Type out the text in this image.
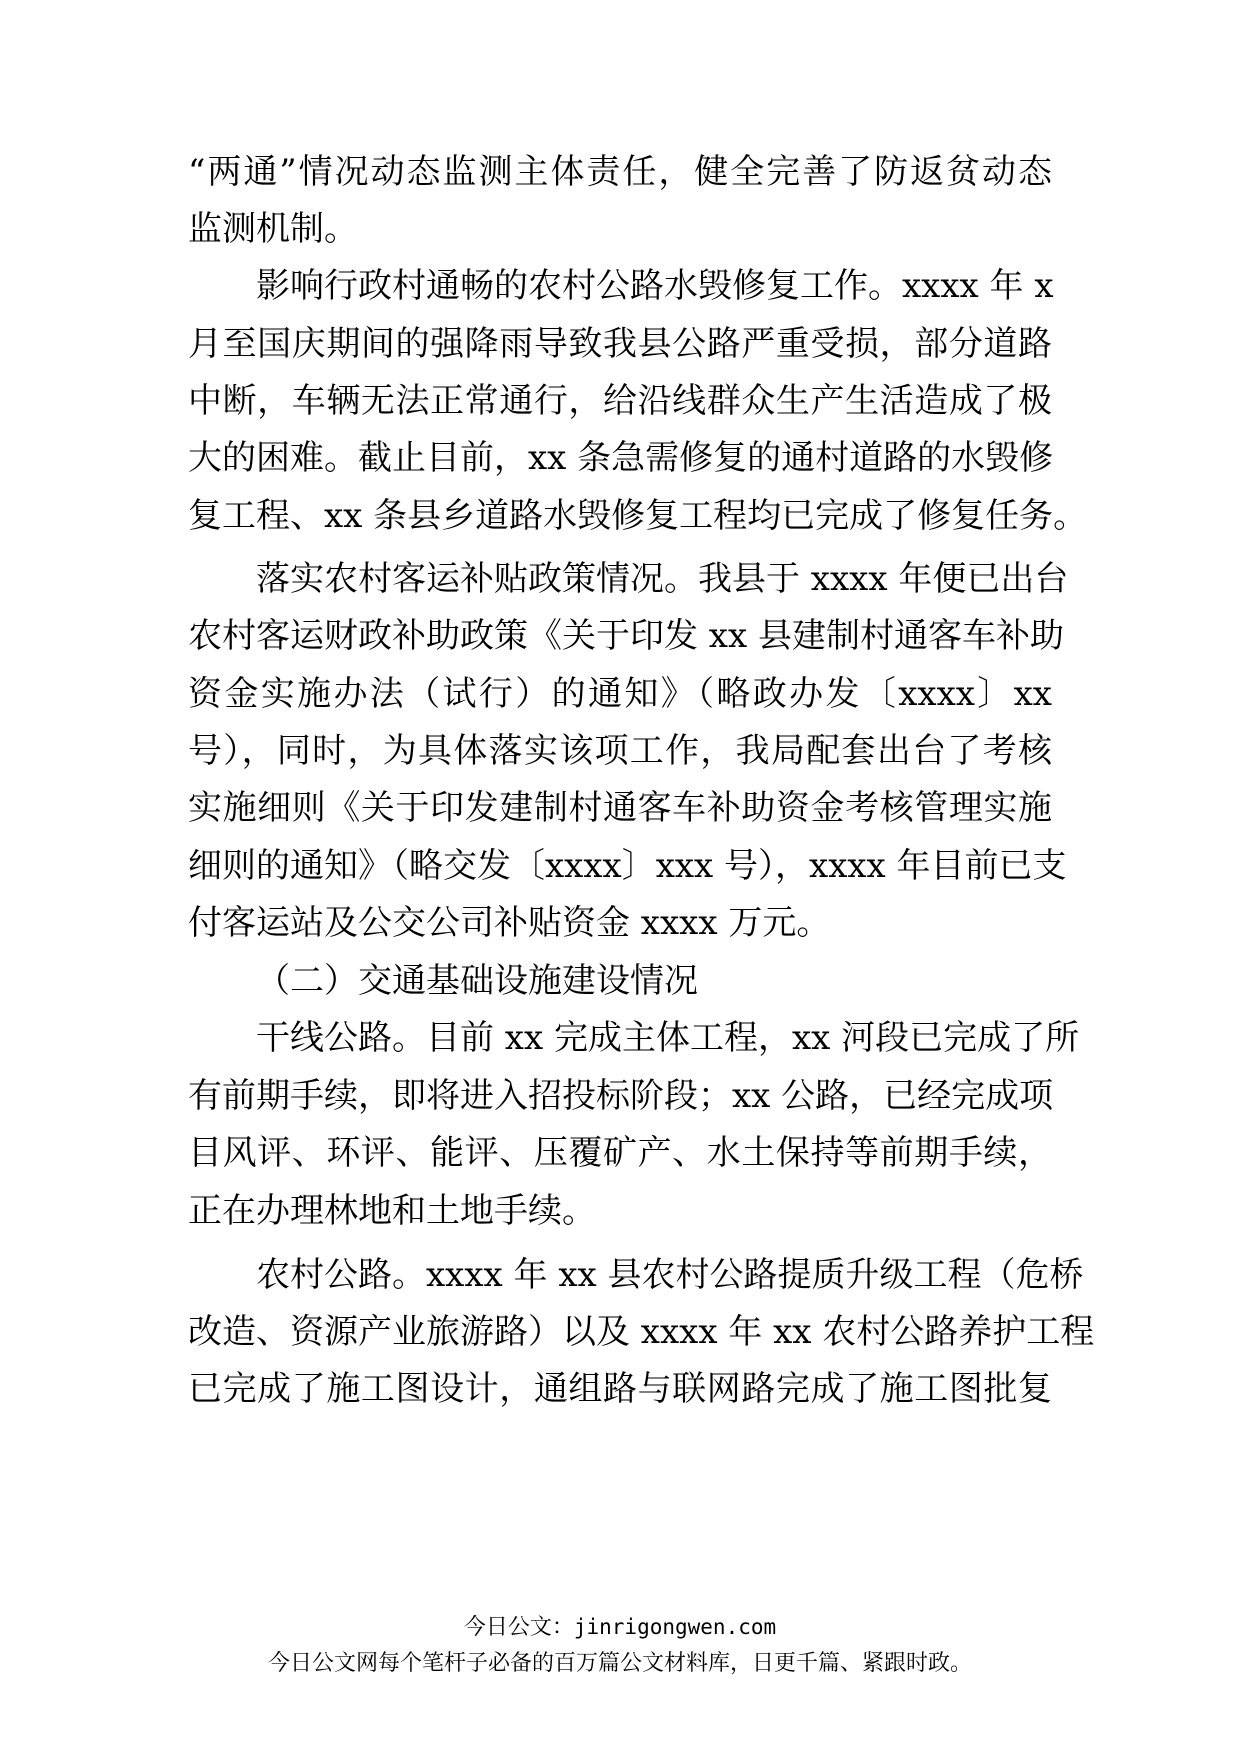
“两通”情况动态监测主体责任，健全完善了防返贫动态
监测机制。
影响行政村通畅的农村公路水毁修复工作。xxxx 年 x
月至国庆期间的强降雨导致我县公路严重受损，部分道路
中断，车辆无法正常通行，给沿线群众生产生活造成了极
大的困难。截止目前，xx 条急需修复的通村道路的水毁修
复工程、xx 条县乡道路水毁修复工程均已完成了修复任务。
落实农村客运补贴政策情况。我县于 xxxx 年便已出台
农村客运财政补助政策《关于印发 xx 县建制村通客车补助
资金实施办法（试行）的通知》（略政办发〔xxxx〕xx
号），同时，为具体落实该项工作，我局配套出台了考核
实施细则《关于印发建制村通客车补助资金考核管理实施
细则的通知》（略交发〔xxxx〕xxx 号），xxxx 年目前已支
付客运站及公交公司补贴资金 xxxx 万元。
（二）交通基础设施建设情况
干线公路。目前 xx 完成主体工程，xx 河段已完成了所
有前期手续，即将进入招投标阶段；xx 公路，已经完成项
目风评、环评、能评、压覆矿产、水土保持等前期手续，
正在办理林地和土地手续。
农村公路。xxxx 年 xx 县农村公路提质升级工程（危桥
改造、资源产业旅游路）以及 xxxx 年 xx 农村公路养护工程
已完成了施工图设计，通组路与联网路完成了施工图批复
今日公文：jinrigongwen.com
今日公文网每个笔杆子必备的百万篇公文材料库，日更千篇、紧跟时政。
